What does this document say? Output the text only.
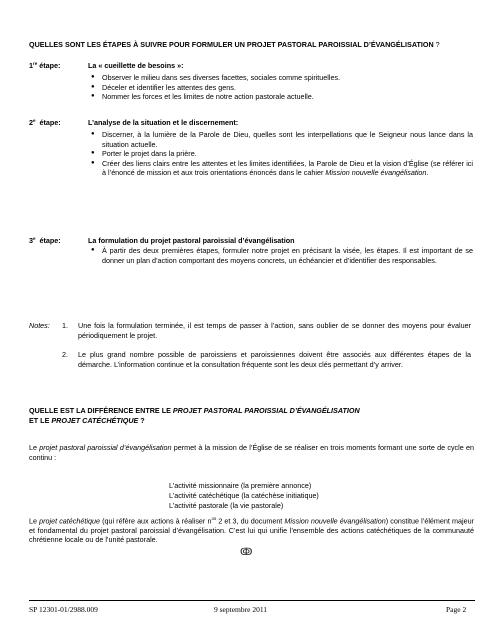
QUELLES SONT LES ÉTAPES À SUIVRE POUR FORMULER UN PROJET PASTORAL PAROISSIAL D’ÉVANGÉLISATION ?
1re étape:	La « cueillette de besoins »:
● Observer le milieu dans ses diverses facettes, sociales comme spirituelles.
● Déceler et identifier les attentes des gens.
● Nommer les forces et les limites de notre action pastorale actuelle.
2e étape:	L’analyse de la situation et le discernement:
● Discerner, à la lumière de la Parole de Dieu, quelles sont les interpellations que le Seigneur nous lance dans la situation actuelle.
● Porter le projet dans la prière.
● Créer des liens clairs entre les attentes et les limites identifiées, la Parole de Dieu et la vision d’Église (se référer ici à l’énoncé de mission et aux trois orientations énoncés dans le cahier Mission nouvelle évangélisation.
3e étape:	La formulation du projet pastoral paroissial d’évangélisation
● À partir des deux premières étapes, formuler notre projet en précisant la visée, les étapes. Il est important de se donner un plan d’action comportant des moyens concrets, un échéancier et d’identifier des responsables.
Notes: 1. Une fois la formulation terminée, il est temps de passer à l’action, sans oublier de se donner des moyens pour évaluer périodiquement le projet.
2. Le plus grand nombre possible de paroissiens et paroissiennes doivent être associés aux différentes étapes de la démarche. L’information continue et la consultation fréquente sont les deux clés permettant d’y arriver.
QUELLE EST LA DIFFÉRENCE ENTRE LE PROJET PASTORAL PAROISSIAL D’ÉVANGÉLISATION
ET LE PROJET CATÉCHÉTIQUE ?
Le projet pastoral paroissial d’évangélisation permet à la mission de l’Église de se réaliser en trois moments formant une sorte de cycle en continu :
L’activité missionnaire (la première annonce)
L’activité catéchétique (la catéchèse initiatique)
L’activité pastorale (la vie pastorale)
Le projet catéchétique (qui réfère aux actions à réaliser $n^{os}$ 2 et 3, du document Mission nouvelle évangélisation) constitue l’élément majeur et fondamental du projet pastoral paroissial d’évangélisation. C’est lui qui unifie l’ensemble des actions catéchétiques de la communauté chrétienne locale ou de l’unité pastorale.
ↂ
SP 12301-01/2988.009	9 septembre 2011	Page 2
